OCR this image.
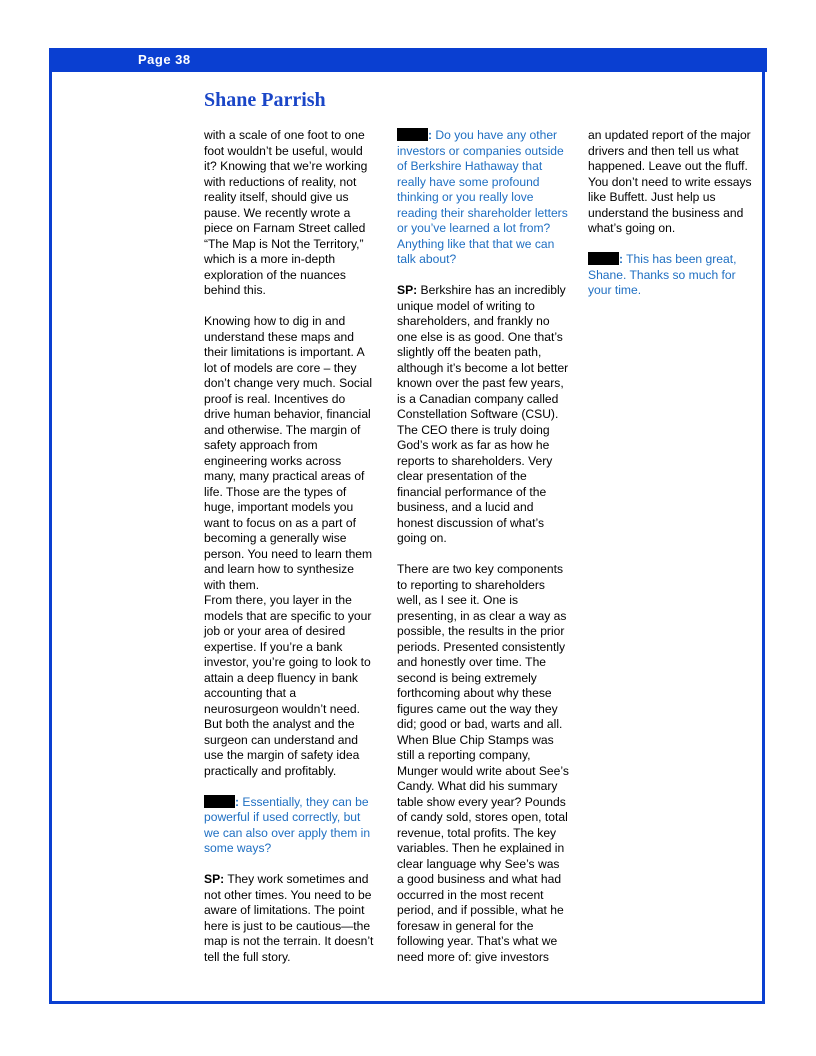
Page 38
Shane Parrish

with a scale of one foot to one foot wouldn’t be useful, would it? Knowing that we’re working with reductions of reality, not reality itself, should give us pause. We recently wrote a piece on Farnam Street called “The Map is Not the Territory,” which is a more in-depth exploration of the nuances behind this.

Knowing how to dig in and understand these maps and their limitations is important. A lot of models are core – they don’t change very much. Social proof is real. Incentives do drive human behavior, financial and otherwise. The margin of safety approach from engineering works across many, many practical areas of life. Those are the types of huge, important models you want to focus on as a part of becoming a generally wise person. You need to learn them and learn how to synthesize with them.

From there, you layer in the models that are specific to your job or your area of desired expertise. If you’re a bank investor, you’re going to look to attain a deep fluency in bank accounting that a neurosurgeon wouldn’t need. But both the analyst and the surgeon can understand and use the margin of safety idea practically and profitably.

: Essentially, they can be powerful if used correctly, but we can also over apply them in some ways?

SP: They work sometimes and not other times. You need to be aware of limitations. The point here is just to be cautious—the map is not the terrain. It doesn’t tell the full story.

: Do you have any other investors or companies outside of Berkshire Hathaway that really have some profound thinking or you really love reading their shareholder letters or you’ve learned a lot from? Anything like that that we can talk about?

SP: Berkshire has an incredibly unique model of writing to shareholders, and frankly no one else is as good. One that’s slightly off the beaten path, although it’s become a lot better known over the past few years, is a Canadian company called Constellation Software (CSU). The CEO there is truly doing God’s work as far as how he reports to shareholders. Very clear presentation of the financial performance of the business, and a lucid and honest discussion of what’s going on.

There are two key components to reporting to shareholders well, as I see it. One is presenting, in as clear a way as possible, the results in the prior periods. Presented consistently and honestly over time. The second is being extremely forthcoming about why these figures came out the way they did; good or bad, warts and all. When Blue Chip Stamps was still a reporting company, Munger would write about See’s Candy. What did his summary table show every year? Pounds of candy sold, stores open, total revenue, total profits. The key variables. Then he explained in clear language why See’s was a good business and what had occurred in the most recent period, and if possible, what he foresaw in general for the following year. That’s what we need more of: give investors

an updated report of the major drivers and then tell us what happened. Leave out the fluff. You don’t need to write essays like Buffett. Just help us understand the business and what’s going on.

: This has been great, Shane. Thanks so much for your time.
